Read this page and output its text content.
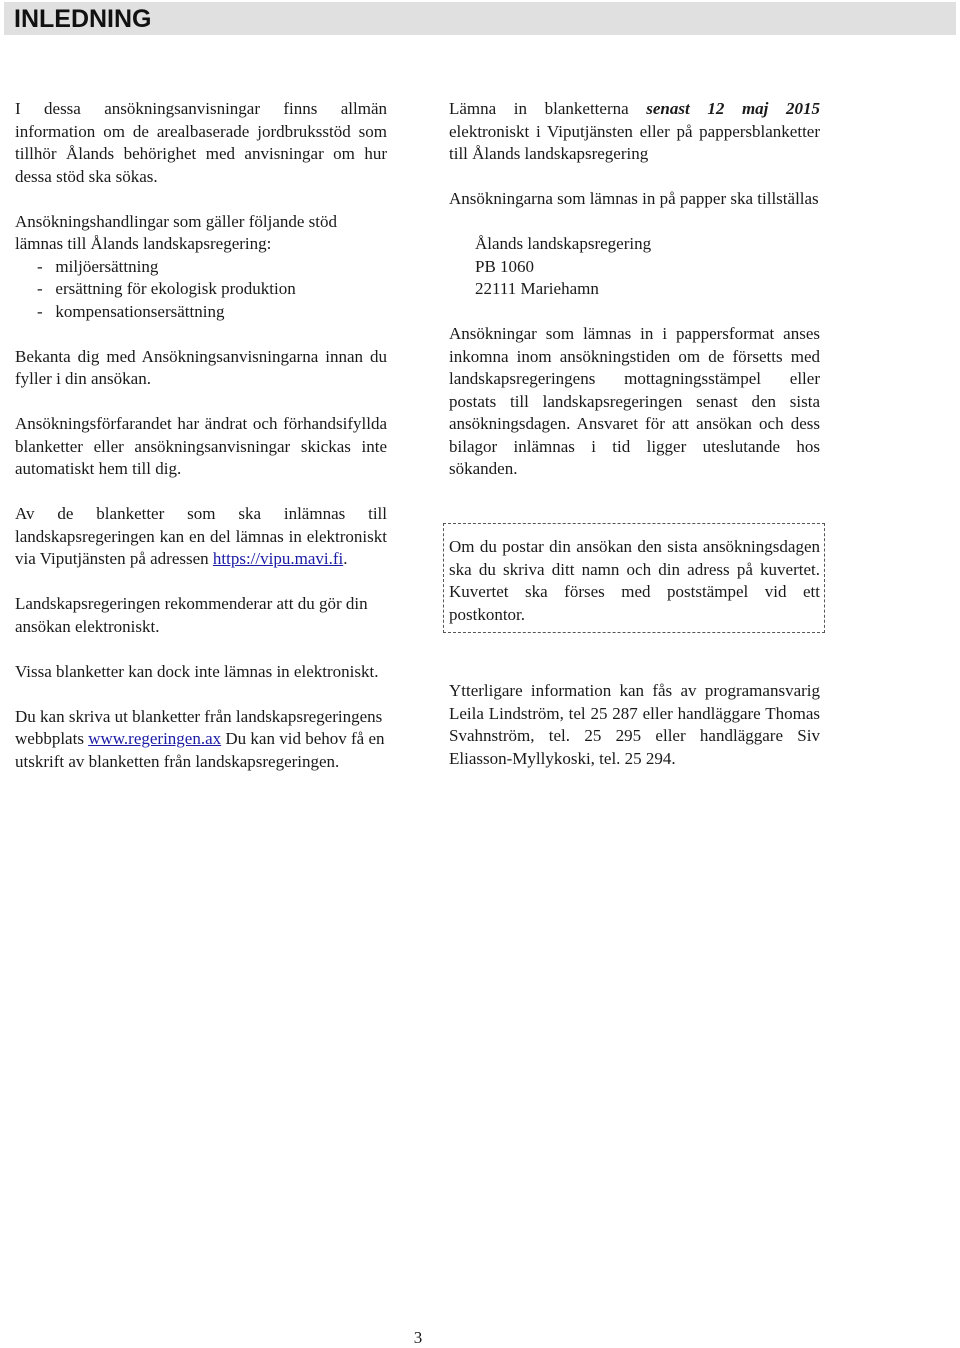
INLEDNING

I dessa ansökningsanvisningar finns allmän information om de arealbaserade jordbruksstöd som tillhör Ålands behörighet med anvisningar om hur dessa stöd ska sökas.

Ansökningshandlingar som gäller följande stöd lämnas till Ålands landskapsregering:

-   miljöersättning
-   ersättning för ekologisk produktion
-   kompensationsersättning

Bekanta dig med Ansökningsanvisningarna innan du fyller i din ansökan.

Ansökningsförfarandet har ändrat och förhandsifyllda blanketter eller ansökningsanvisningar skickas inte automatiskt hem till dig.

Av de blanketter som ska inlämnas till landskapsregeringen kan en del lämnas in elektroniskt via Viputjänsten på adressen https://vipu.mavi.fi.

Landskapsregeringen rekommenderar att du gör din ansökan elektroniskt.

Vissa blanketter kan dock inte lämnas in elektroniskt.

Du kan skriva ut blanketter från landskapsregeringens webbplats www.regeringen.ax Du kan vid behov få en utskrift av blanketten från landskapsregeringen.

Lämna in blanketterna senast 12 maj 2015 elektroniskt i Viputjänsten eller på pappersblanketter till Ålands landskapsregering

Ansökningarna som lämnas in på papper ska tillställas

Ålands landskapsregering
PB 1060
22111 Mariehamn

Ansökningar som lämnas in i pappersformat anses inkomna inom ansökningstiden om de försetts med landskapsregeringens mottagningsstämpel eller postats till landskapsregeringen senast den sista ansökningsdagen. Ansvaret för att ansökan och dess bilagor inlämnas i tid ligger uteslutande hos sökanden.

Om du postar din ansökan den sista ansökningsdagen ska du skriva ditt namn och din adress på kuvertet. Kuvertet ska förses med poststämpel vid ett postkontor.
Ytterligare information kan fås av programansvarig Leila Lindström, tel 25 287 eller handläggare Thomas Svahnström, tel. 25 295 eller handläggare Siv Eliasson-Myllykoski, tel. 25 294.
3
